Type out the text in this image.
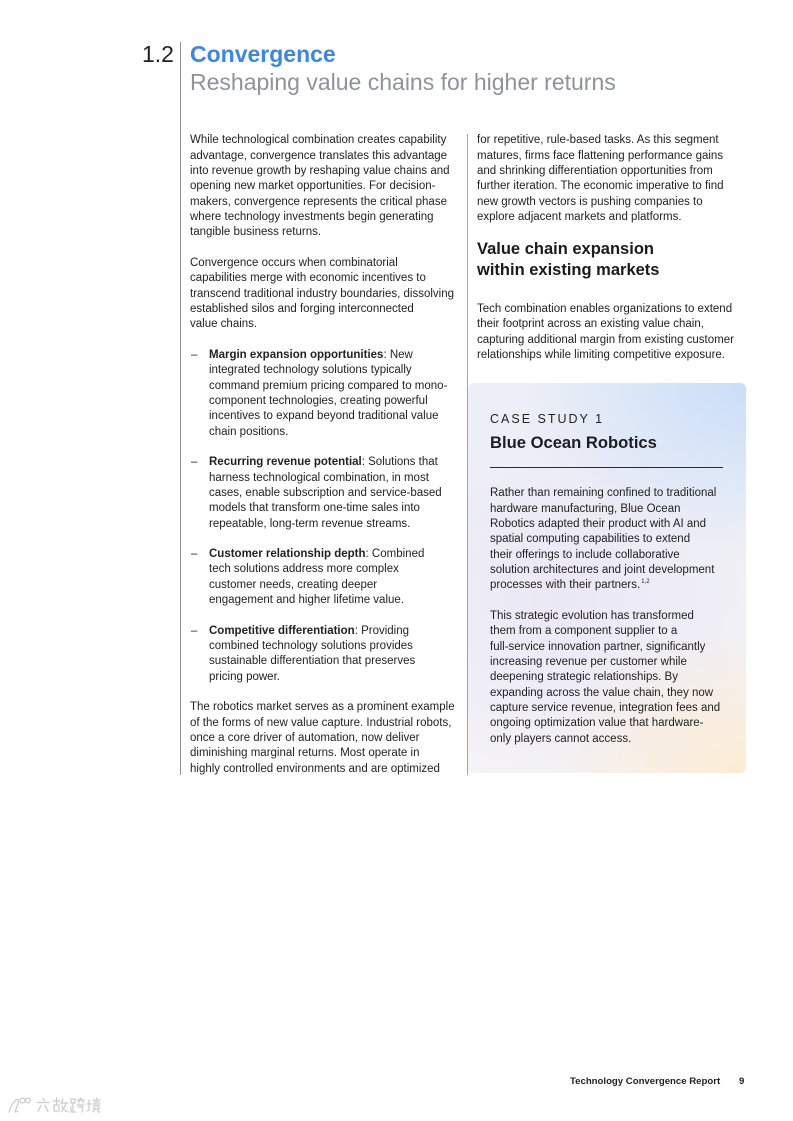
1.2 Convergence
Reshaping value chains for higher returns

While technological combination creates capability
advantage, convergence translates this advantage
into revenue growth by reshaping value chains and
opening new market opportunities. For decision-
makers, convergence represents the critical phase
where technology investments begin generating
tangible business returns.

Convergence occurs when combinatorial
capabilities merge with economic incentives to
transcend traditional industry boundaries, dissolving
established silos and forging interconnected
value chains.

– Margin expansion opportunities: New
integrated technology solutions typically
command premium pricing compared to mono-
component technologies, creating powerful
incentives to expand beyond traditional value
chain positions.
– Recurring revenue potential: Solutions that
harness technological combination, in most
cases, enable subscription and service-based
models that transform one-time sales into
repeatable, long-term revenue streams.
– Customer relationship depth: Combined
tech solutions address more complex
customer needs, creating deeper
engagement and higher lifetime value.
– Competitive differentiation: Providing
combined technology solutions provides
sustainable differentiation that preserves
pricing power.

The robotics market serves as a prominent example
of the forms of new value capture. Industrial robots,
once a core driver of automation, now deliver
diminishing marginal returns. Most operate in
highly controlled environments and are optimized

for repetitive, rule-based tasks. As this segment
matures, firms face flattening performance gains
and shrinking differentiation opportunities from
further iteration. The economic imperative to find
new growth vectors is pushing companies to
explore adjacent markets and platforms.

Value chain expansion
within existing markets

Tech combination enables organizations to extend
their footprint across an existing value chain,
capturing additional margin from existing customer
relationships while limiting competitive exposure.

CASE STUDY 1
Blue Ocean Robotics

Rather than remaining confined to traditional
hardware manufacturing, Blue Ocean
Robotics adapted their product with AI and
spatial computing capabilities to extend
their offerings to include collaborative
solution architectures and joint development
processes with their partners.$^{1,2}$

This strategic evolution has transformed
them from a component supplier to a
full-service innovation partner, significantly
increasing revenue per customer while
deepening strategic relationships. By
expanding across the value chain, they now
capture service revenue, integration fees and
ongoing optimization value that hardware-
only players cannot access.

Technology Convergence Report 9
